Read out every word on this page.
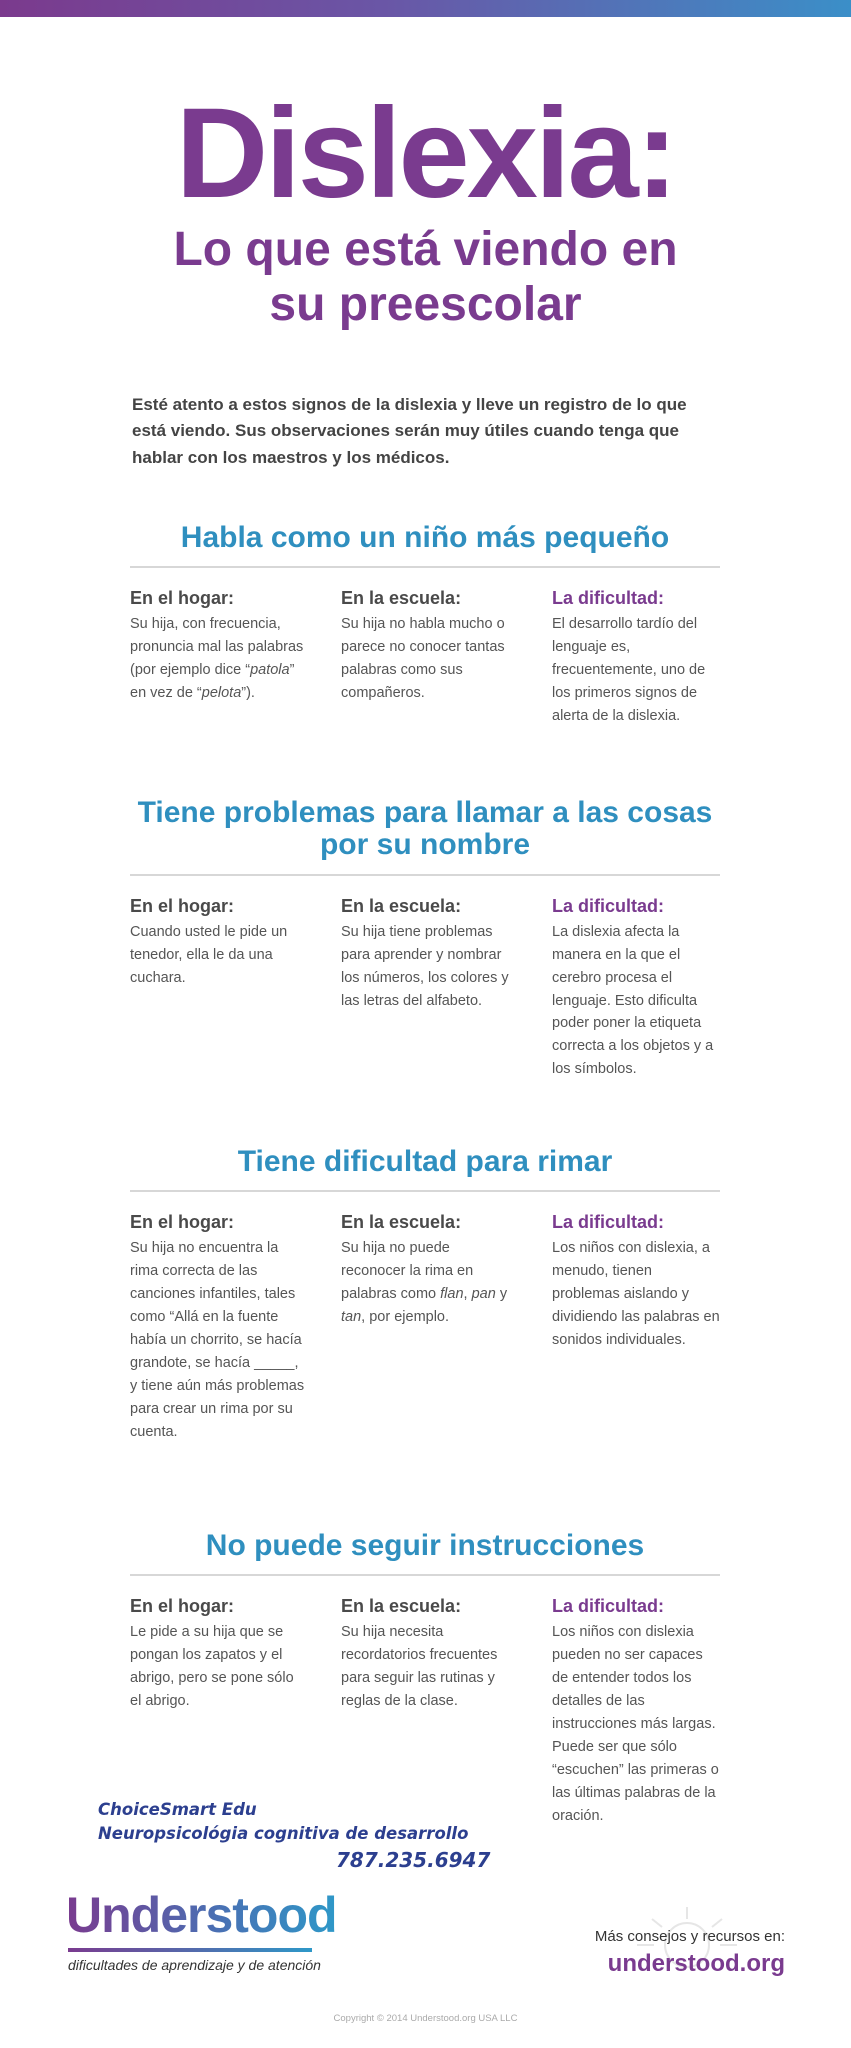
Dislexia:
Lo que está viendo en
su preescolar

Esté atento a estos signos de la dislexia y lleve un registro de lo que está viendo. Sus observaciones serán muy útiles cuando tenga que hablar con los maestros y los médicos.

Habla como un niño más pequeño
En el hogar:

Su hija, con frecuencia, pronuncia mal las palabras (por ejemplo dice “patola” en vez de “pelota”).

En la escuela:

Su hija no habla mucho o parece no conocer tantas palabras como sus compañeros.

La dificultad:

El desarrollo tardío del lenguaje es, frecuentemente, uno de los primeros signos de alerta de la dislexia.

Tiene problemas para llamar a las cosas
por su nombre
En el hogar:

Cuando usted le pide un tenedor, ella le da una cuchara.

En la escuela:

Su hija tiene problemas para aprender y nombrar los números, los colores y las letras del alfabeto.

La dificultad:

La dislexia afecta la manera en la que el cerebro procesa el lenguaje. Esto dificulta poder poner la etiqueta correcta a los objetos y a los símbolos.

Tiene dificultad para rimar
En el hogar:

Su hija no encuentra la rima correcta de las canciones infantiles, tales como “Allá en la fuente había un chorrito, se hacía grandote, se hacía _____, y tiene aún más problemas para crear un rima por su cuenta.

En la escuela:

Su hija no puede reconocer la rima en palabras como flan, pan y tan, por ejemplo.

La dificultad:

Los niños con dislexia, a menudo, tienen problemas aislando y dividiendo las palabras en sonidos individuales.

No puede seguir instrucciones
En el hogar:

Le pide a su hija que se pongan los zapatos y el abrigo, pero se pone sólo el abrigo.

En la escuela:

Su hija necesita recordatorios frecuentes para seguir las rutinas y reglas de la clase.

La dificultad:

Los niños con dislexia pueden no ser capaces de entender todos los detalles de las instrucciones más largas. Puede ser que sólo “escuchen” las primeras o las últimas palabras de la oración.

ChoiceSmart Edu
Neuropsicológia cognitiva de desarrollo
787.235.6947

Understood
dificultades de aprendizaje y de atención
Más consejos y recursos en:
understood.org
Copyright © 2014 Understood.org USA LLC
